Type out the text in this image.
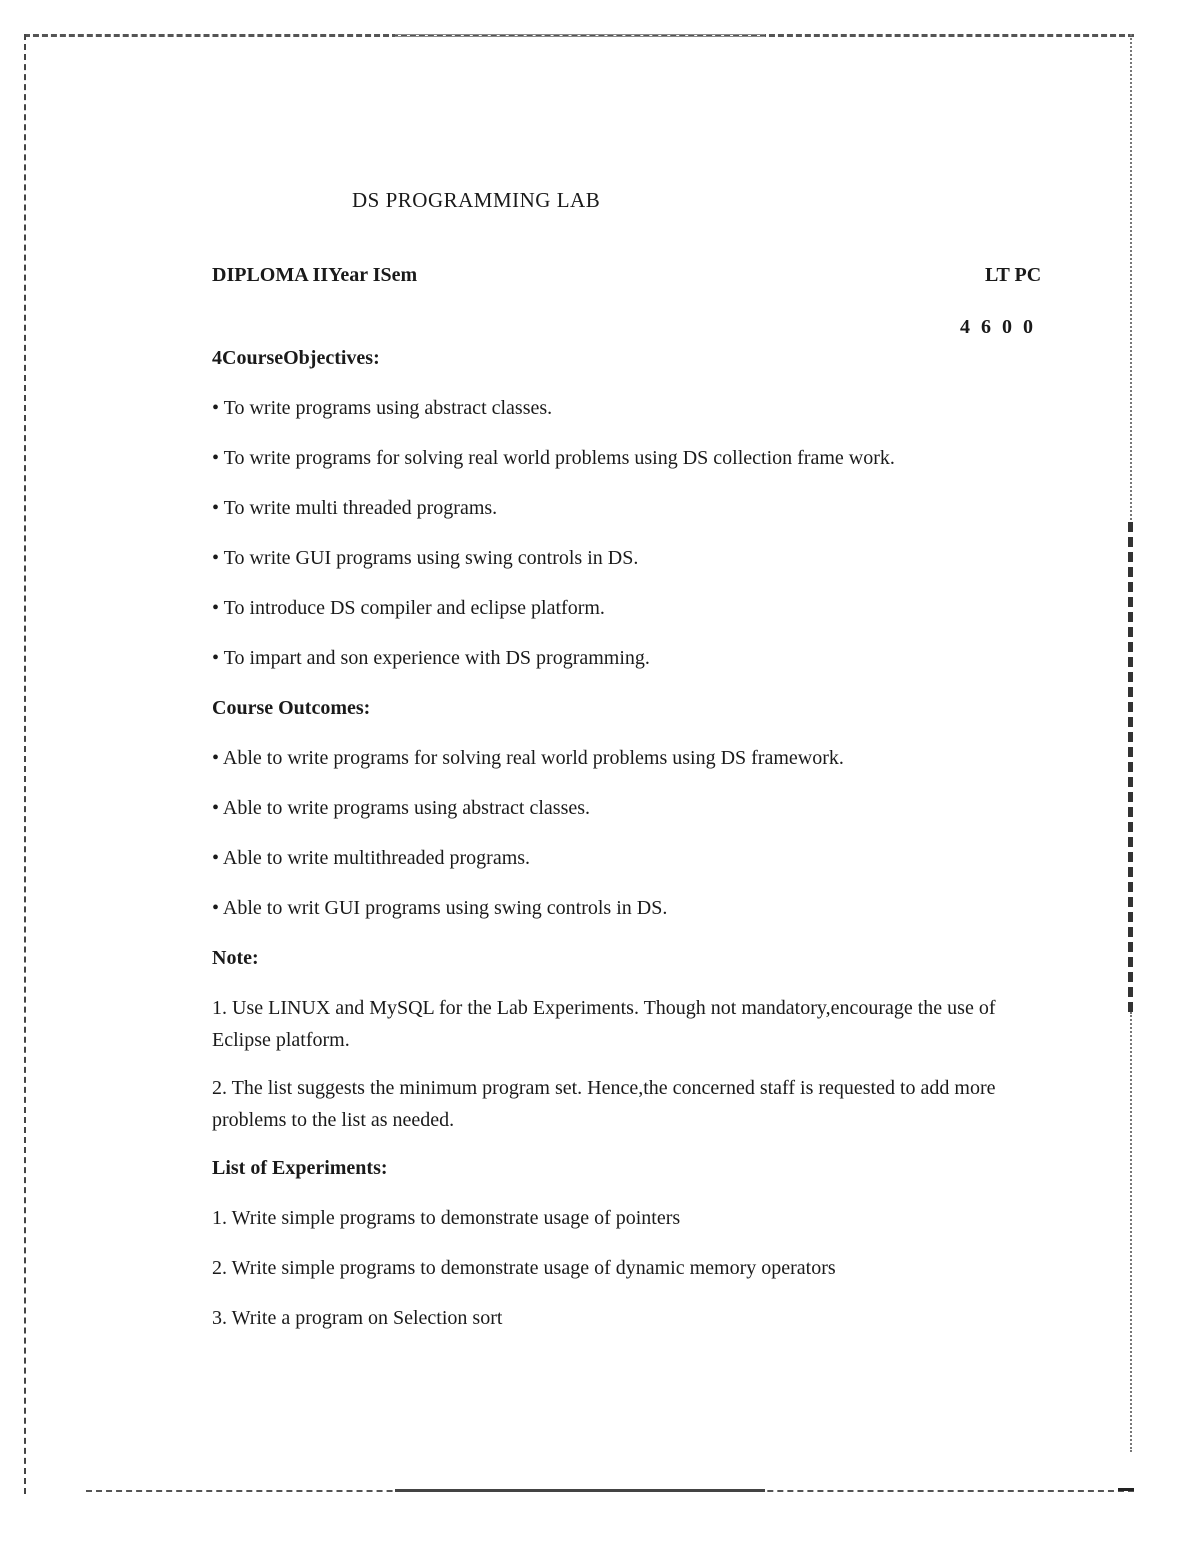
DS PROGRAMMING LAB
DIPLOMA IIYear ISem	LT PC
4 6 0 0
4CourseObjectives:
• To write programs using abstract classes.
• To write programs for solving real world problems using DS collection frame work.
• To write multi threaded programs.
• To write GUI programs using swing controls in DS.
• To introduce DS compiler and eclipse platform.
• To impart and son experience with DS programming.
Course Outcomes:
• Able to write programs for solving real world problems using DS framework.
• Able to write programs using abstract classes.
• Able to write multithreaded programs.
• Able to writ GUI programs using swing controls in DS.
Note:
1. Use LINUX and MySQL for the Lab Experiments. Though not mandatory,encourage the use of Eclipse platform.
2. The list suggests the minimum program set. Hence,the concerned staff is requested to add more problems to the list as needed.
List of Experiments:
1. Write simple programs to demonstrate usage of pointers
2. Write simple programs to demonstrate usage of dynamic memory operators
3. Write a program on Selection sort
